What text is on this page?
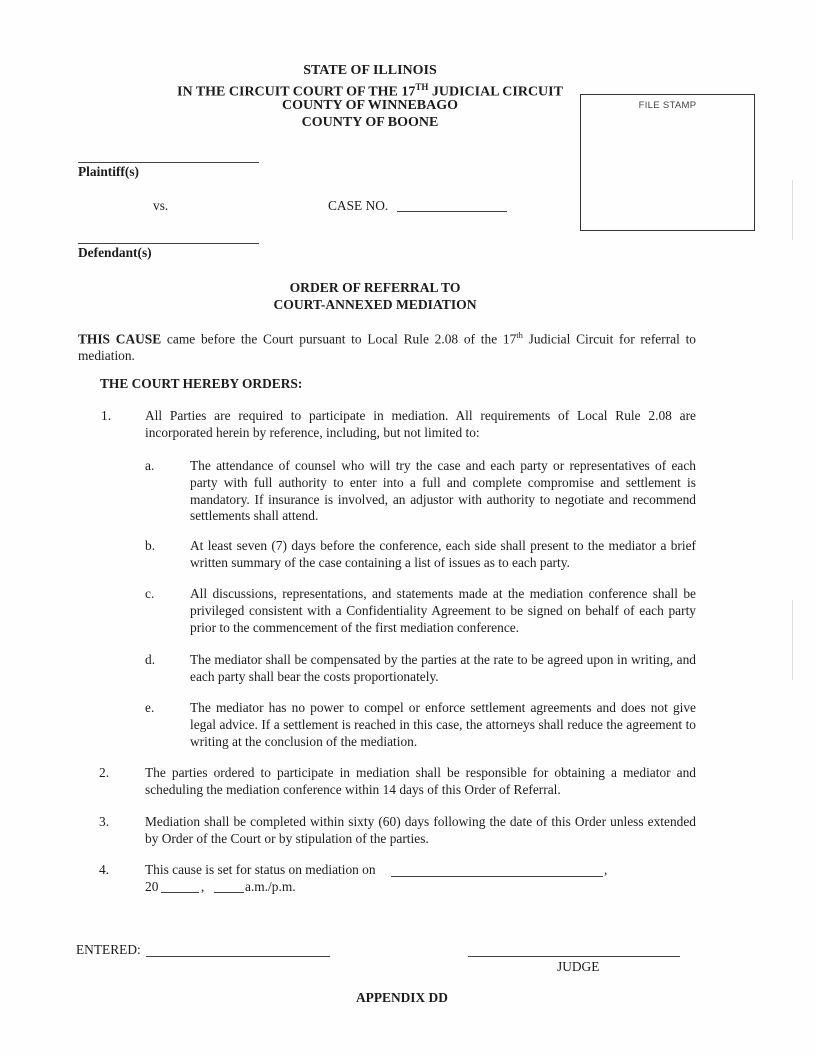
STATE OF ILLINOIS
IN THE CIRCUIT COURT OF THE 17TH JUDICIAL CIRCUIT
COUNTY OF WINNEBAGO
COUNTY OF BOONE
FILE STAMP
Plaintiff(s)
vs.	CASE NO.
Defendant(s)
ORDER OF REFERRAL TO
COURT-ANNEXED MEDIATION
THIS CAUSE came before the Court pursuant to Local Rule 2.08 of the 17th Judicial Circuit for referral to mediation.
THE COURT HEREBY ORDERS:
1.	All Parties are required to participate in mediation. All requirements of Local Rule 2.08 are incorporated herein by reference, including, but not limited to:
a.	The attendance of counsel who will try the case and each party or representatives of each party with full authority to enter into a full and complete compromise and settlement is mandatory. If insurance is involved, an adjustor with authority to negotiate and recommend settlements shall attend.
b.	At least seven (7) days before the conference, each side shall present to the mediator a brief written summary of the case containing a list of issues as to each party.
c.	All discussions, representations, and statements made at the mediation conference shall be privileged consistent with a Confidentiality Agreement to be signed on behalf of each party prior to the commencement of the first mediation conference.
d.	The mediator shall be compensated by the parties at the rate to be agreed upon in writing, and each party shall bear the costs proportionately.
e.	The mediator has no power to compel or enforce settlement agreements and does not give legal advice. If a settlement is reached in this case, the attorneys shall reduce the agreement to writing at the conclusion of the mediation.
2.	The parties ordered to participate in mediation shall be responsible for obtaining a mediator and scheduling the mediation conference within 14 days of this Order of Referral.
3.	Mediation shall be completed within sixty (60) days following the date of this Order unless extended by Order of the Court or by stipulation of the parties.
4.	This cause is set for status on mediation on	,
20	,	a.m./p.m.
ENTERED:
JUDGE
APPENDIX DD
